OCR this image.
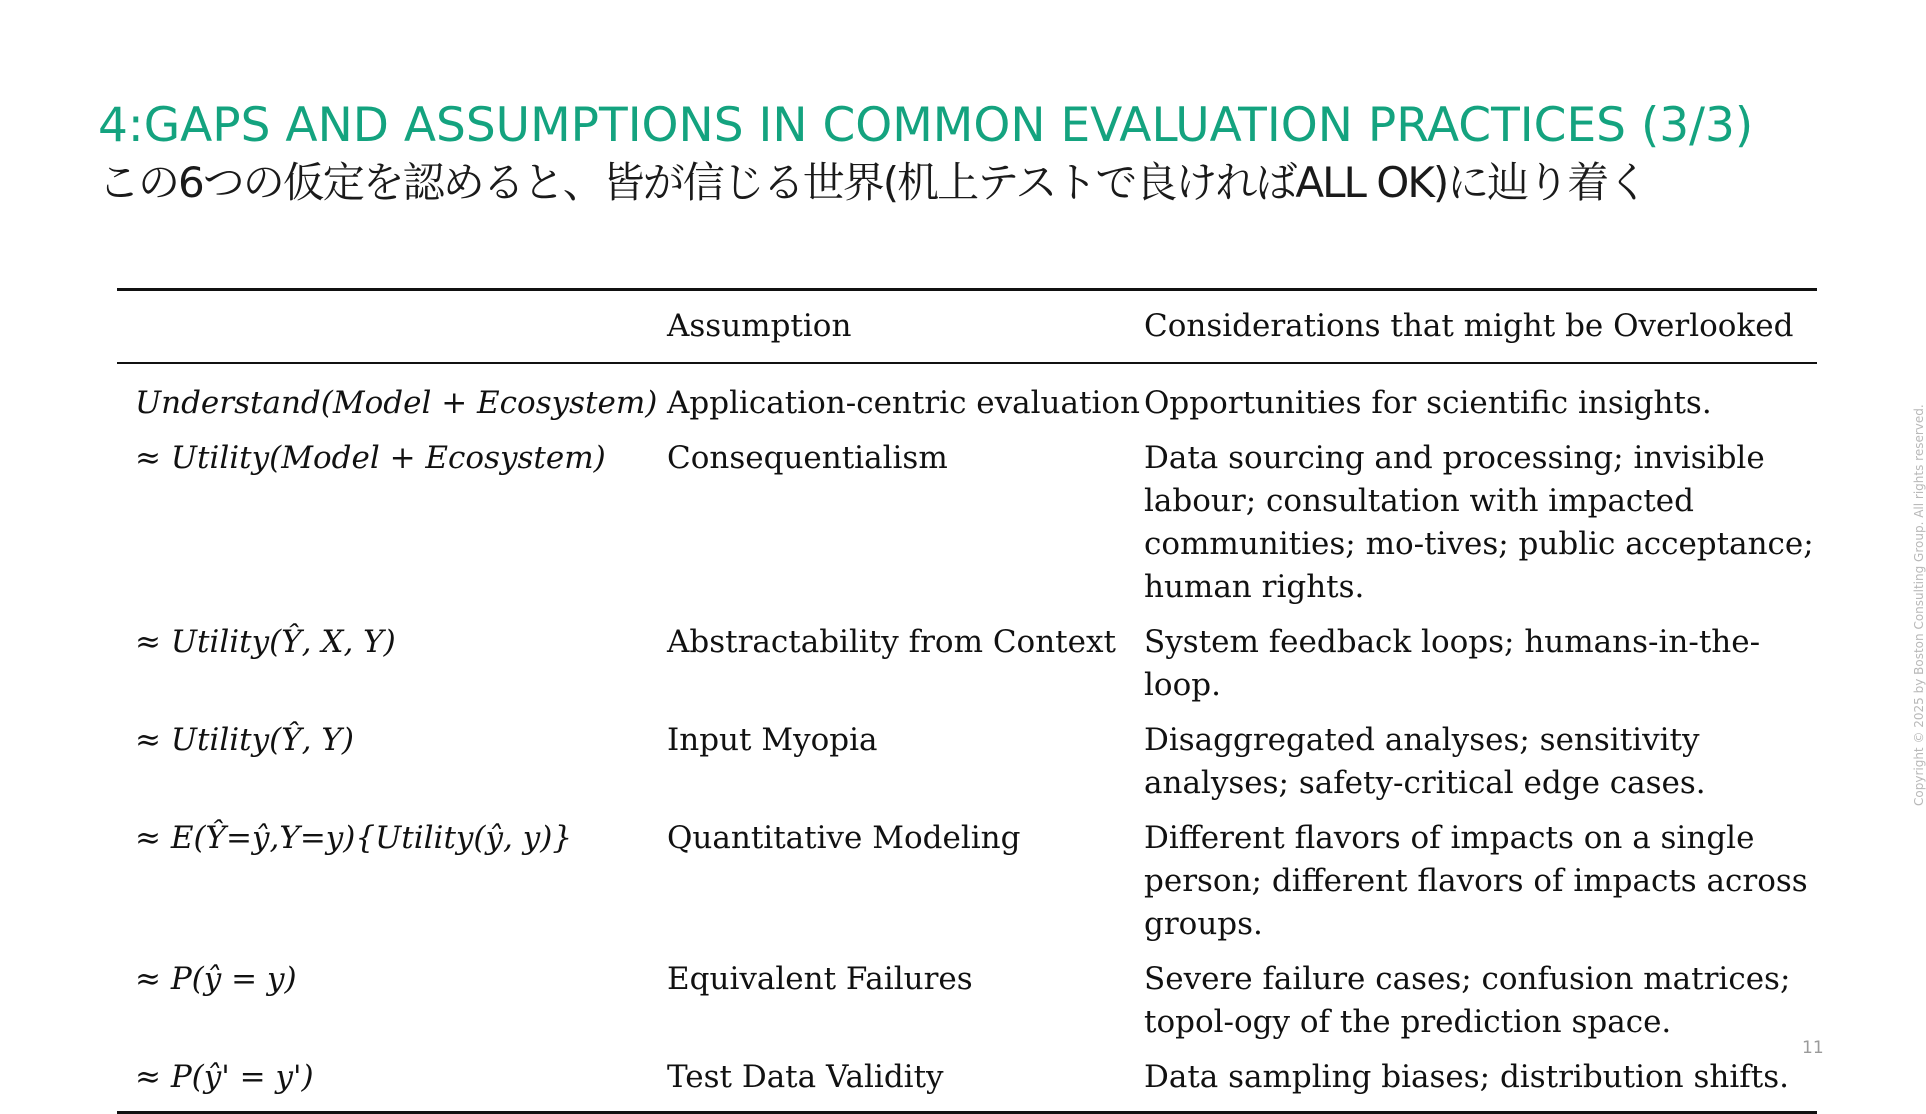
4:GAPS AND ASSUMPTIONS IN COMMON EVALUATION PRACTICES (3/3)
この6つの仮定を認めると、皆が信じる世界(机上テストで良ければALL OK)に辿り着く
	Assumption	Considerations that might be Overlooked
Understand(Model + Ecosystem)	Application-centric evaluation	Opportunities for scientific insights.
≈ Utility(Model + Ecosystem)	Consequentialism	Data sourcing and processing; invisible labour; consultation with impacted communities; mo-tives; public acceptance; human rights.
≈ Utility(Ŷ, X, Y)	Abstractability from Context	System feedback loops; humans-in-the-loop.
≈ Utility(Ŷ, Y)	Input Myopia	Disaggregated analyses; sensitivity analyses; safety-critical edge cases.
≈ E(Ŷ=ŷ,Y=y){Utility(ŷ, y)}	Quantitative Modeling	Different flavors of impacts on a single person; different flavors of impacts across groups.
≈ P(ŷ = y)	Equivalent Failures	Severe failure cases; confusion matrices; topol-ogy of the prediction space.
≈ P(ŷ' = y')	Test Data Validity	Data sampling biases; distribution shifts.
Copyright © 2025 by Boston Consulting Group. All rights reserved.
11
